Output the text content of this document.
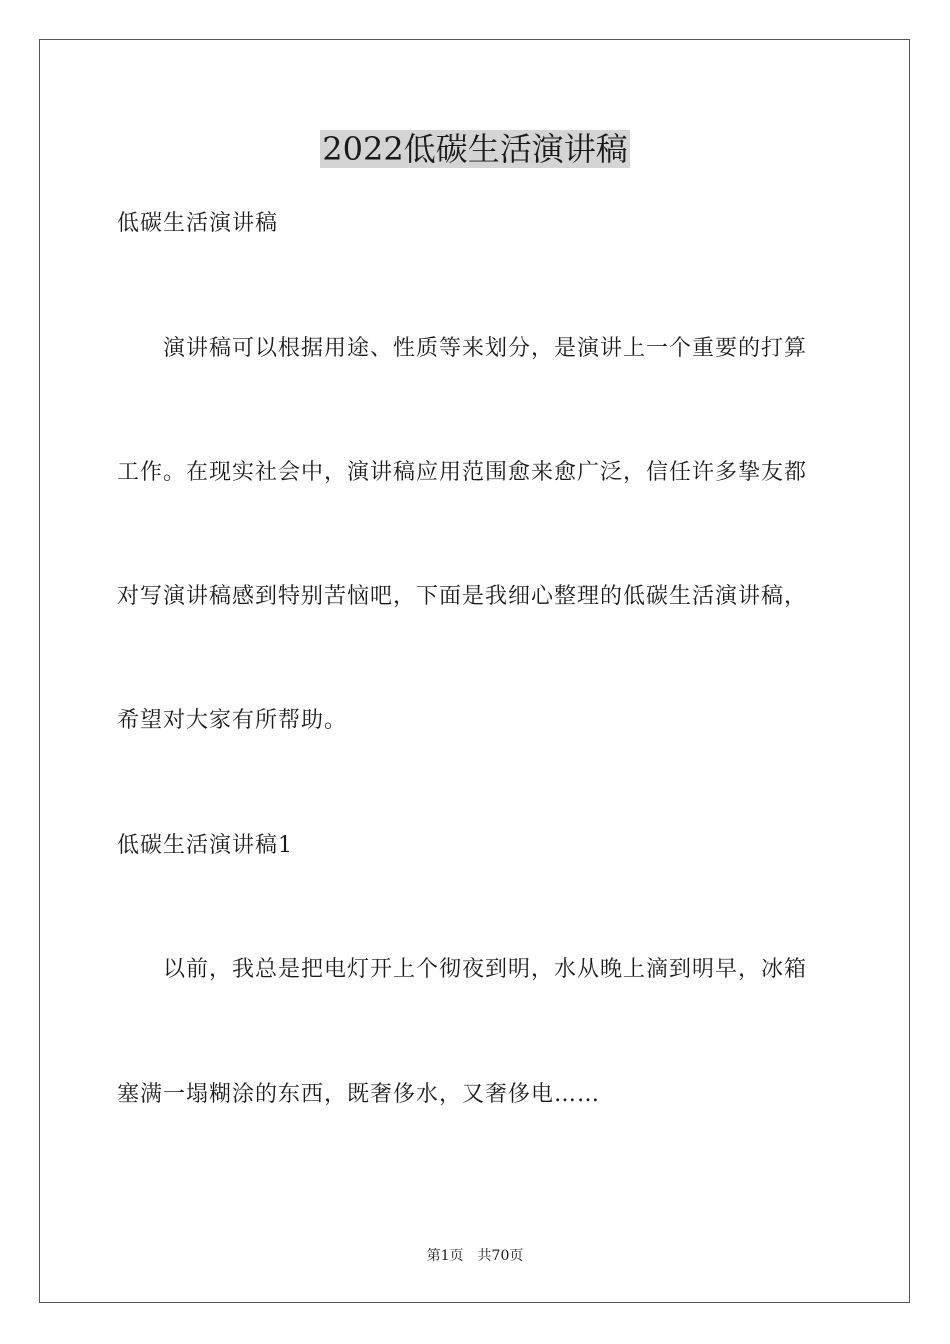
2022低碳生活演讲稿
低碳生活演讲稿
演讲稿可以根据用途、性质等来划分，是演讲上一个重要的打算
工作。在现实社会中，演讲稿应用范围愈来愈广泛，信任许多挚友都
对写演讲稿感到特别苦恼吧，下面是我细心整理的低碳生活演讲稿，
希望对大家有所帮助。
低碳生活演讲稿1
以前，我总是把电灯开上个彻夜到明，水从晚上滴到明早，冰箱
塞满一塌糊涂的东西，既奢侈水，又奢侈电……
第1页 共70页
